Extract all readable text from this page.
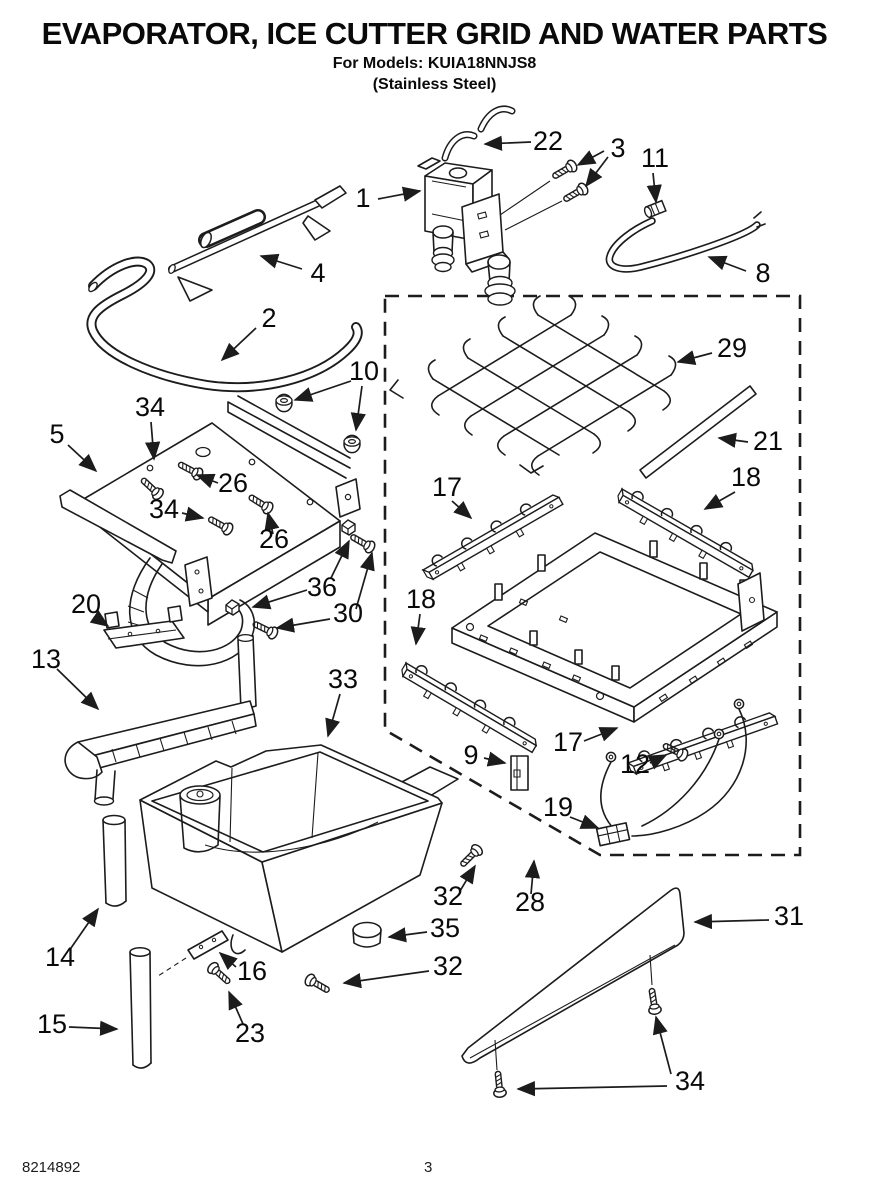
EVAPORATOR, ICE CUTTER GRID AND WATER PARTS

For Models: KUIA18NNJS8

(Stainless Steel)

1
22 3 11
8
4
2
10
34
5
26
34
26
36
30
20
13
33
29
21
17	18
18
17
9	12
19
28
32
35
32
16
23
14
15
31
34
8214892	3
